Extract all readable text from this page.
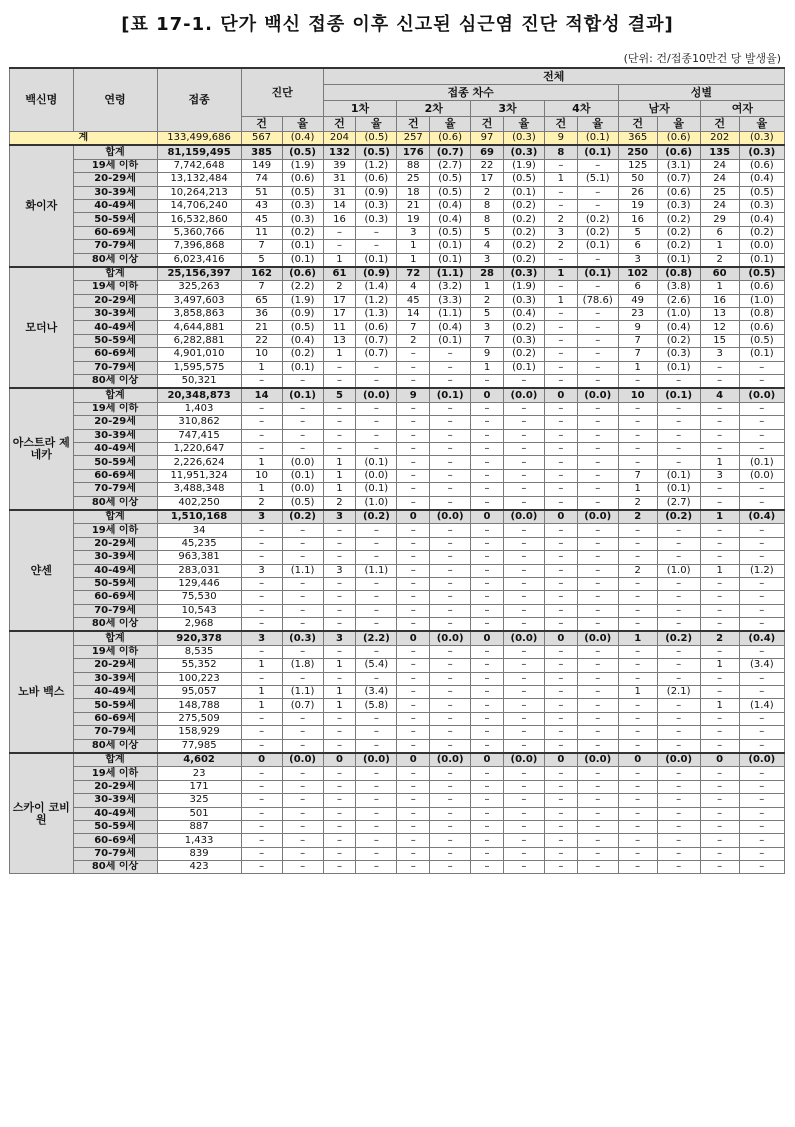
[표 17-1. 단가 백신 접종 이후 신고된 심근염 진단 적합성 결과]
(단위: 건/접종10만건 당 발생율)
백신명	연령	접종	진단		전체											
					접종 차수								성별			
					1차		2차		3차		4차		남자		여자	
			건	율	건	율	건	율	건	율	건	율	건	율	건	율
계		133,499,686	567	(0.4)	204	(0.5)	257	(0.6)	97	(0.3)	9	(0.1)	365	(0.6)	202	(0.3)
화이자	합계	81,159,495	385	(0.5)	132	(0.5)	176	(0.7)	69	(0.3)	8	(0.1)	250	(0.6)	135	(0.3)
	19세 이하	7,742,648	149	(1.9)	39	(1.2)	88	(2.7)	22	(1.9)	–	–	125	(3.1)	24	(0.6)
	20-29세	13,132,484	74	(0.6)	31	(0.6)	25	(0.5)	17	(0.5)	1	(5.1)	50	(0.7)	24	(0.4)
	30-39세	10,264,213	51	(0.5)	31	(0.9)	18	(0.5)	2	(0.1)	–	–	26	(0.6)	25	(0.5)
	40-49세	14,706,240	43	(0.3)	14	(0.3)	21	(0.4)	8	(0.2)	–	–	19	(0.3)	24	(0.3)
	50-59세	16,532,860	45	(0.3)	16	(0.3)	19	(0.4)	8	(0.2)	2	(0.2)	16	(0.2)	29	(0.4)
	60-69세	5,360,766	11	(0.2)	–	–	3	(0.5)	5	(0.2)	3	(0.2)	5	(0.2)	6	(0.2)
	70-79세	7,396,868	7	(0.1)	–	–	1	(0.1)	4	(0.2)	2	(0.1)	6	(0.2)	1	(0.0)
	80세 이상	6,023,416	5	(0.1)	1	(0.1)	1	(0.1)	3	(0.2)	–	–	3	(0.1)	2	(0.1)
모더나	합계	25,156,397	162	(0.6)	61	(0.9)	72	(1.1)	28	(0.3)	1	(0.1)	102	(0.8)	60	(0.5)
	19세 이하	325,263	7	(2.2)	2	(1.4)	4	(3.2)	1	(1.9)	–	–	6	(3.8)	1	(0.6)
	20-29세	3,497,603	65	(1.9)	17	(1.2)	45	(3.3)	2	(0.3)	1	(78.6)	49	(2.6)	16	(1.0)
	30-39세	3,858,863	36	(0.9)	17	(1.3)	14	(1.1)	5	(0.4)	–	–	23	(1.0)	13	(0.8)
	40-49세	4,644,881	21	(0.5)	11	(0.6)	7	(0.4)	3	(0.2)	–	–	9	(0.4)	12	(0.6)
	50-59세	6,282,881	22	(0.4)	13	(0.7)	2	(0.1)	7	(0.3)	–	–	7	(0.2)	15	(0.5)
	60-69세	4,901,010	10	(0.2)	1	(0.7)	–	–	9	(0.2)	–	–	7	(0.3)	3	(0.1)
	70-79세	1,595,575	1	(0.1)	–	–	–	–	1	(0.1)	–	–	1	(0.1)	–	–
	80세 이상	50,321	–	–	–	–	–	–	–	–	–	–	–	–	–	–
아스트라 제네카	합계	20,348,873	14	(0.1)	5	(0.0)	9	(0.1)	0	(0.0)	0	(0.0)	10	(0.1)	4	(0.0)
	19세 이하	1,403	–	–	–	–	–	–	–	–	–	–	–	–	–	–
	20-29세	310,862	–	–	–	–	–	–	–	–	–	–	–	–	–	–
	30-39세	747,415	–	–	–	–	–	–	–	–	–	–	–	–	–	–
	40-49세	1,220,647	–	–	–	–	–	–	–	–	–	–	–	–	–	–
	50-59세	2,226,624	1	(0.0)	1	(0.1)	–	–	–	–	–	–	–	–	1	(0.1)
	60-69세	11,951,324	10	(0.1)	1	(0.0)	–	–	–	–	–	–	7	(0.1)	3	(0.0)
	70-79세	3,488,348	1	(0.0)	1	(0.1)	–	–	–	–	–	–	1	(0.1)	–	–
	80세 이상	402,250	2	(0.5)	2	(1.0)	–	–	–	–	–	–	2	(2.7)	–	–
얀센	합계	1,510,168	3	(0.2)	3	(0.2)	0	(0.0)	0	(0.0)	0	(0.0)	2	(0.2)	1	(0.4)
	19세 이하	34	–	–	–	–	–	–	–	–	–	–	–	–	–	–
	20-29세	45,235	–	–	–	–	–	–	–	–	–	–	–	–	–	–
	30-39세	963,381	–	–	–	–	–	–	–	–	–	–	–	–	–	–
	40-49세	283,031	3	(1.1)	3	(1.1)	–	–	–	–	–	–	2	(1.0)	1	(1.2)
	50-59세	129,446	–	–	–	–	–	–	–	–	–	–	–	–	–	–
	60-69세	75,530	–	–	–	–	–	–	–	–	–	–	–	–	–	–
	70-79세	10,543	–	–	–	–	–	–	–	–	–	–	–	–	–	–
	80세 이상	2,968	–	–	–	–	–	–	–	–	–	–	–	–	–	–
노바 백스	합계	920,378	3	(0.3)	3	(2.2)	0	(0.0)	0	(0.0)	0	(0.0)	1	(0.2)	2	(0.4)
	19세 이하	8,535	–	–	–	–	–	–	–	–	–	–	–	–	–	–
	20-29세	55,352	1	(1.8)	1	(5.4)	–	–	–	–	–	–	–	–	1	(3.4)
	30-39세	100,223	–	–	–	–	–	–	–	–	–	–	–	–	–	–
	40-49세	95,057	1	(1.1)	1	(3.4)	–	–	–	–	–	–	1	(2.1)	–	–
	50-59세	148,788	1	(0.7)	1	(5.8)	–	–	–	–	–	–	–	–	1	(1.4)
	60-69세	275,509	–	–	–	–	–	–	–	–	–	–	–	–	–	–
	70-79세	158,929	–	–	–	–	–	–	–	–	–	–	–	–	–	–
	80세 이상	77,985	–	–	–	–	–	–	–	–	–	–	–	–	–	–
스카이 코비원	합계	4,602	0	(0.0)	0	(0.0)	0	(0.0)	0	(0.0)	0	(0.0)	0	(0.0)	0	(0.0)
	19세 이하	23	–	–	–	–	–	–	–	–	–	–	–	–	–	–
	20-29세	171	–	–	–	–	–	–	–	–	–	–	–	–	–	–
	30-39세	325	–	–	–	–	–	–	–	–	–	–	–	–	–	–
	40-49세	501	–	–	–	–	–	–	–	–	–	–	–	–	–	–
	50-59세	887	–	–	–	–	–	–	–	–	–	–	–	–	–	–
	60-69세	1,433	–	–	–	–	–	–	–	–	–	–	–	–	–	–
	70-79세	839	–	–	–	–	–	–	–	–	–	–	–	–	–	–
	80세 이상	423	–	–	–	–	–	–	–	–	–	–	–	–	–	–
